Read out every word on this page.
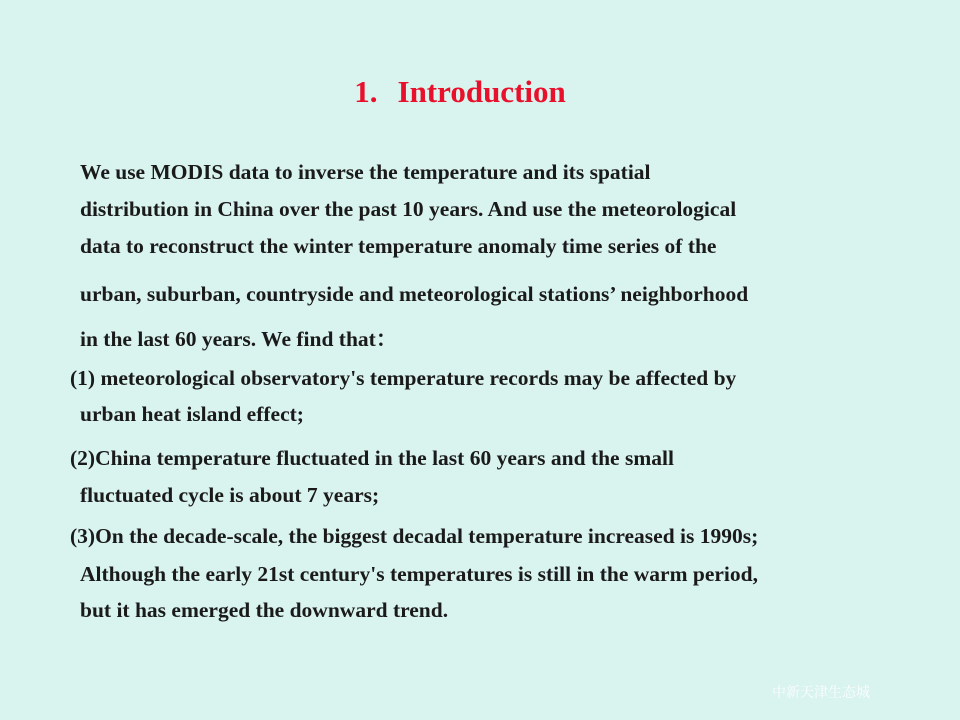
1. Introduction

We use MODIS data to inverse the temperature and its spatial

distribution in China over the past 10 years. And use the meteorological

data to reconstruct the winter temperature anomaly time series of the

urban, suburban, countryside and meteorological stations’ neighborhood

in the last 60 years. We find that：

(1) meteorological observatory's temperature records may be affected by

urban heat island effect;

(2)China temperature fluctuated in the last 60 years and the small

fluctuated cycle is about 7 years;

(3)On the decade-scale, the biggest decadal temperature increased is 1990s;

Although the early 21st century's temperatures is still in the warm period,

but it has emerged the downward trend.

中新天津生态城
